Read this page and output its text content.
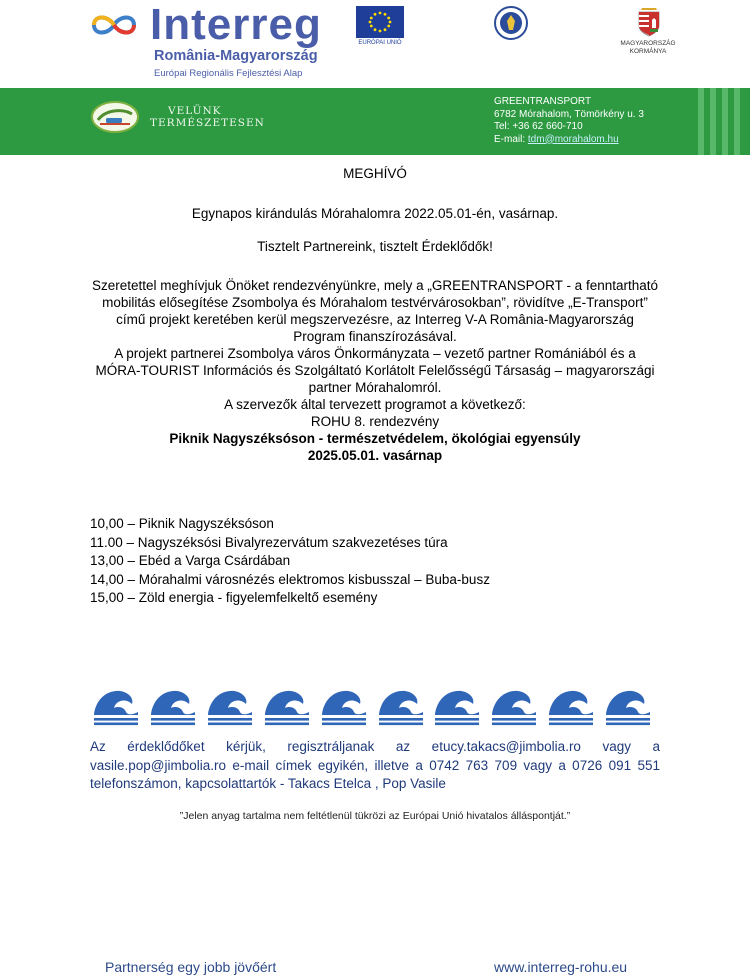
Interreg
România-Magyarország
Európai Regionális Fejlesztési Alap
EURÓPAI UNIÓ	MAGYARORSZÁG
KORMÁNYA
VELÜNK
TERMÉSZETESEN
GREENTRANSPORT
6782 Mórahalom, Tömörkény u. 3
Tel: +36 62 660-710
E-mail: tdm@morahalom.hu
MEGHÍVÓ
Egynapos kirándulás Mórahalomra 2022.05.01-én, vasárnap.
Tisztelt Partnereink, tisztelt Érdeklődők!

Szeretettel meghívjuk Önöket rendezvényünkre, mely a „GREENTRANSPORT - a fenntartható

mobilitás elősegítése Zsombolya és Mórahalom testvérvárosokban”, rövidítve „E-Transport”

című projekt keretében kerül megszervezésre, az Interreg V-A România-Magyarország

Program finanszírozásával.

A projekt partnerei Zsombolya város Önkormányzata – vezető partner Romániából és a

MÓRA-TOURIST Információs és Szolgáltató Korlátolt Felelősségű Társaság – magyarországi

partner Mórahalomról.

A szervezők által tervezett programot a következő:

ROHU 8. rendezvény

Piknik Nagyszéksóson - természetvédelem, ökológiai egyensúly

2025.05.01. vasárnap

10,00 – Piknik Nagyszéksóson
11.00 – Nagyszéksósi Bivalyrezervátum szakvezetéses túra
13,00 – Ebéd a Varga Csárdában
14,00 – Mórahalmi városnézés elektromos kisbusszal – Buba-busz
15,00 – Zöld energia - figyelemfelkeltő esemény
Az érdeklődőket kérjük, regisztráljanak az etucy.takacs@jimbolia.ro vagy a vasile.pop@jimbolia.ro e-mail címek egyikén, illetve a 0742 763 709 vagy a 0726 091 551 telefonszámon, kapcsolattartók - Takacs Etelca , Pop Vasile
”Jelen anyag tartalma nem feltétlenül tükrözi az Európai Unió hivatalos álláspontját.”
Partnerség egy jobb jövőért	www.interreg-rohu.eu
